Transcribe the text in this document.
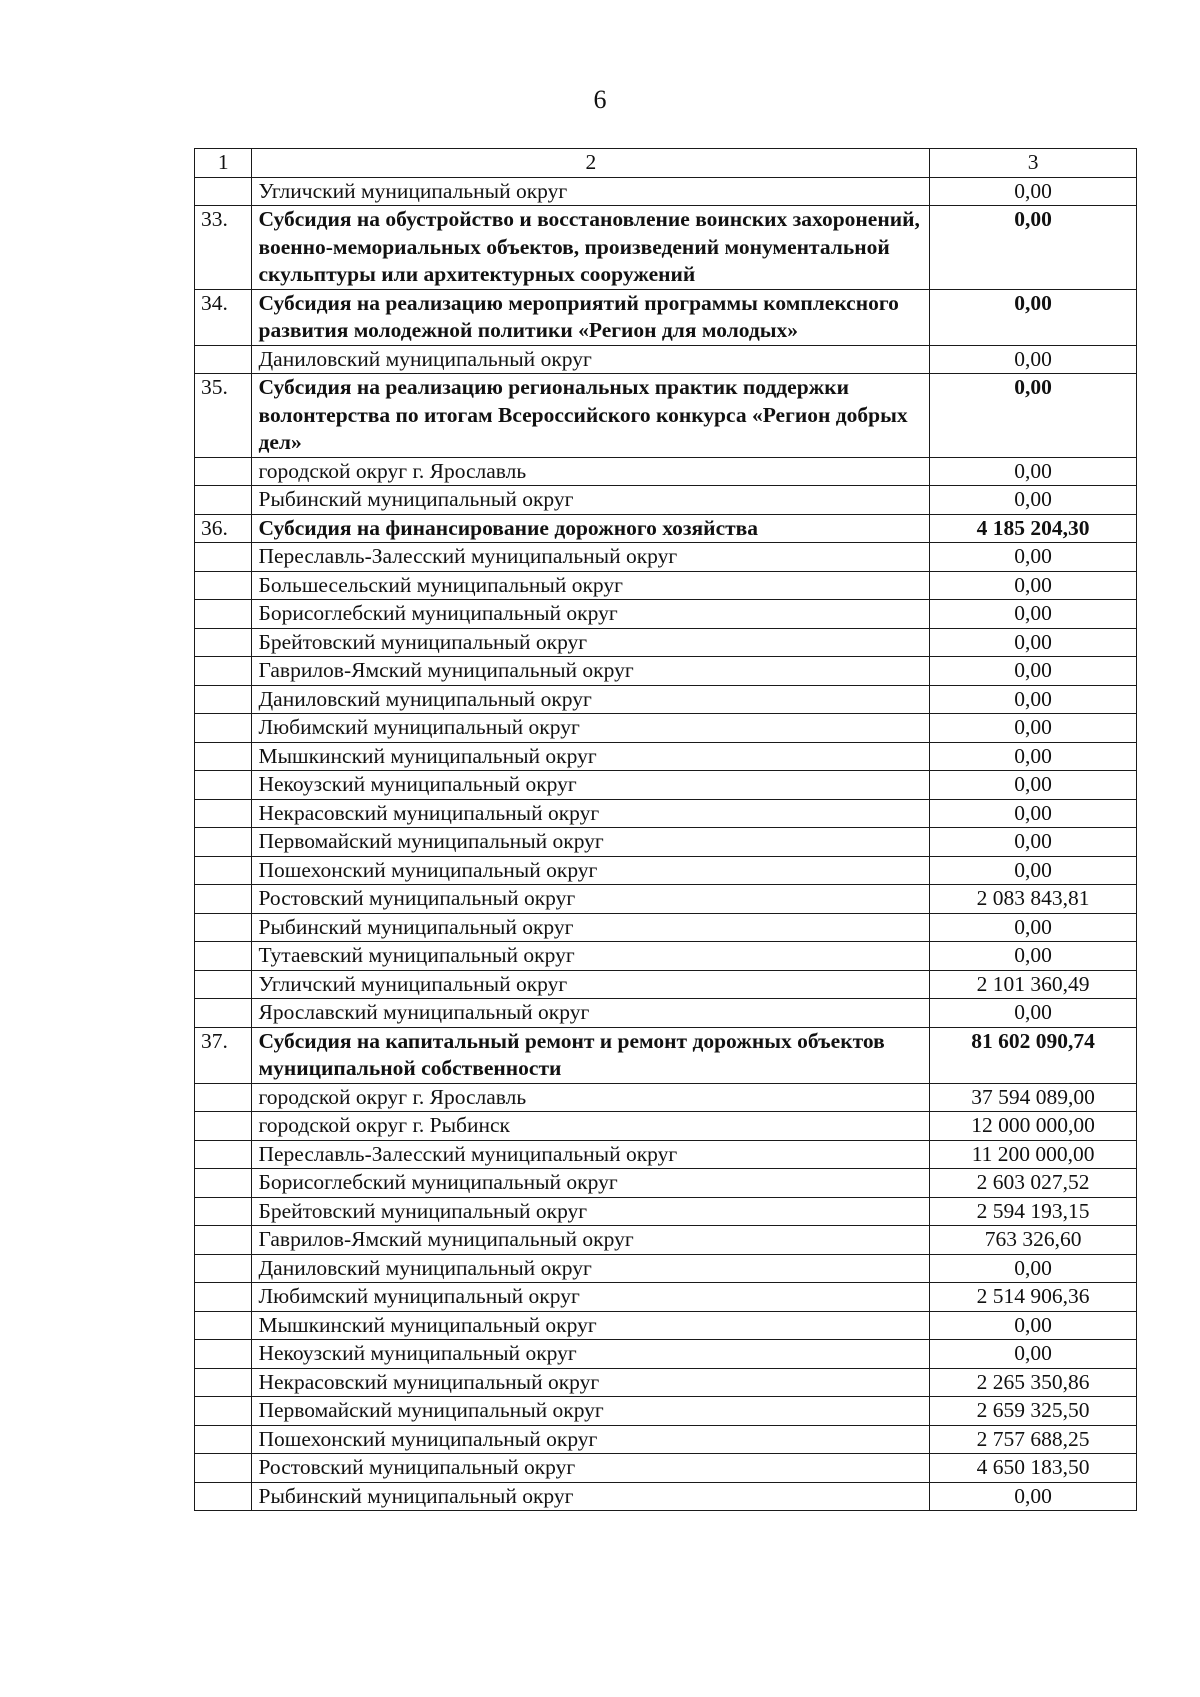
6
1	2	3
	Угличский муниципальный округ	0,00
33.	Субсидия на обустройство и восстановление воинских захоронений, военно-мемориальных объектов, произведений монументальной скульптуры или архитектурных сооружений	0,00
34.	Субсидия на реализацию мероприятий программы комплексного развития молодежной политики «Регион для молодых»	0,00
	Даниловский муниципальный округ	0,00
35.	Субсидия на реализацию региональных практик поддержки волонтерства по итогам Всероссийского конкурса «Регион добрых дел»	0,00
	городской округ г. Ярославль	0,00
	Рыбинский муниципальный округ	0,00
36.	Субсидия на финансирование дорожного хозяйства	4 185 204,30
	Переславль-Залесский муниципальный округ	0,00
	Большесельский муниципальный округ	0,00
	Борисоглебский муниципальный округ	0,00
	Брейтовский муниципальный округ	0,00
	Гаврилов-Ямский муниципальный округ	0,00
	Даниловский муниципальный округ	0,00
	Любимский муниципальный округ	0,00
	Мышкинский муниципальный округ	0,00
	Некоузский муниципальный округ	0,00
	Некрасовский муниципальный округ	0,00
	Первомайский муниципальный округ	0,00
	Пошехонский муниципальный округ	0,00
	Ростовский муниципальный округ	2 083 843,81
	Рыбинский муниципальный округ	0,00
	Тутаевский муниципальный округ	0,00
	Угличский муниципальный округ	2 101 360,49
	Ярославский муниципальный округ	0,00
37.	Субсидия на капитальный ремонт и ремонт дорожных объектов муниципальной собственности	81 602 090,74
	городской округ г. Ярославль	37 594 089,00
	городской округ г. Рыбинск	12 000 000,00
	Переславль-Залесский муниципальный округ	11 200 000,00
	Борисоглебский муниципальный округ	2 603 027,52
	Брейтовский муниципальный округ	2 594 193,15
	Гаврилов-Ямский муниципальный округ	763 326,60
	Даниловский муниципальный округ	0,00
	Любимский муниципальный округ	2 514 906,36
	Мышкинский муниципальный округ	0,00
	Некоузский муниципальный округ	0,00
	Некрасовский муниципальный округ	2 265 350,86
	Первомайский муниципальный округ	2 659 325,50
	Пошехонский муниципальный округ	2 757 688,25
	Ростовский муниципальный округ	4 650 183,50
	Рыбинский муниципальный округ	0,00
